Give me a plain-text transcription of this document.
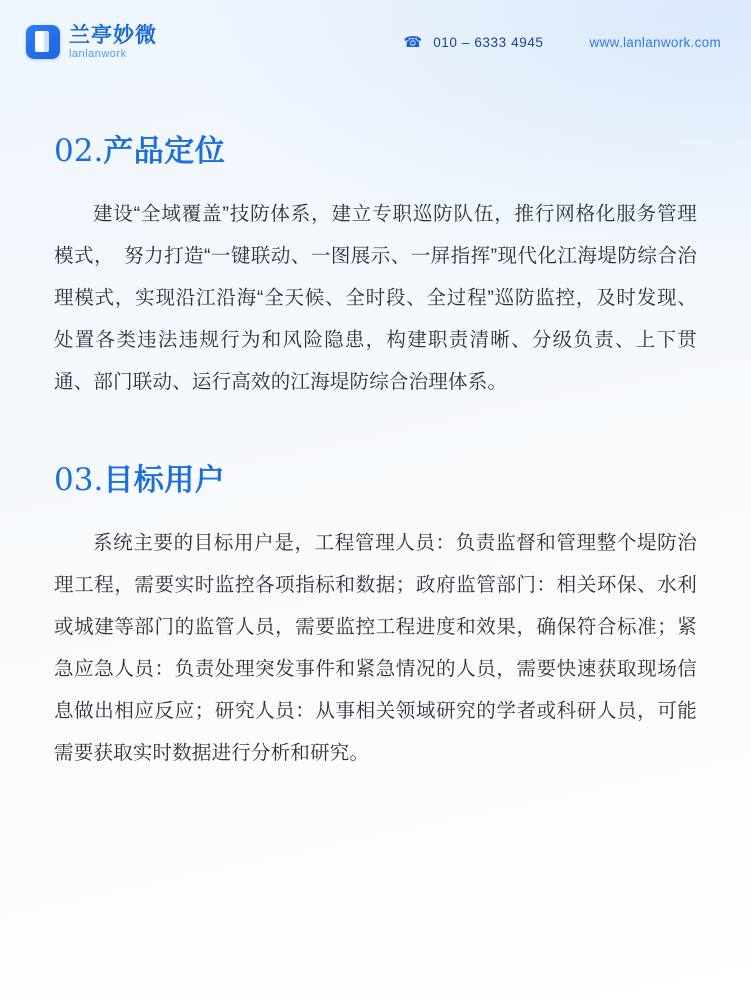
兰亭妙微
lanlanwork
☎ 010 – 6333 4945	www.lanlanwork.com
02.产品定位

建设“全域覆盖”技防体系，建立专职巡防队伍，推行网格化服务管理模式，　努力打造“一键联动、一图展示、一屏指挥”现代化江海堤防综合治理模式，实现沿江沿海“全天候、全时段、全过程”巡防监控，及时发现、处置各类违法违规行为和风险隐患，构建职责清晰、分级负责、上下贯通、部门联动、运行高效的江海堤防综合治理体系。

03.目标用户

系统主要的目标用户是，工程管理人员：负责监督和管理整个堤防治理工程，需要实时监控各项指标和数据；政府监管部门：相关环保、水利或城建等部门的监管人员，需要监控工程进度和效果，确保符合标准；紧急应急人员：负责处理突发事件和紧急情况的人员，需要快速获取现场信息做出相应反应；研究人员：从事相关领域研究的学者或科研人员，可能需要获取实时数据进行分析和研究。
